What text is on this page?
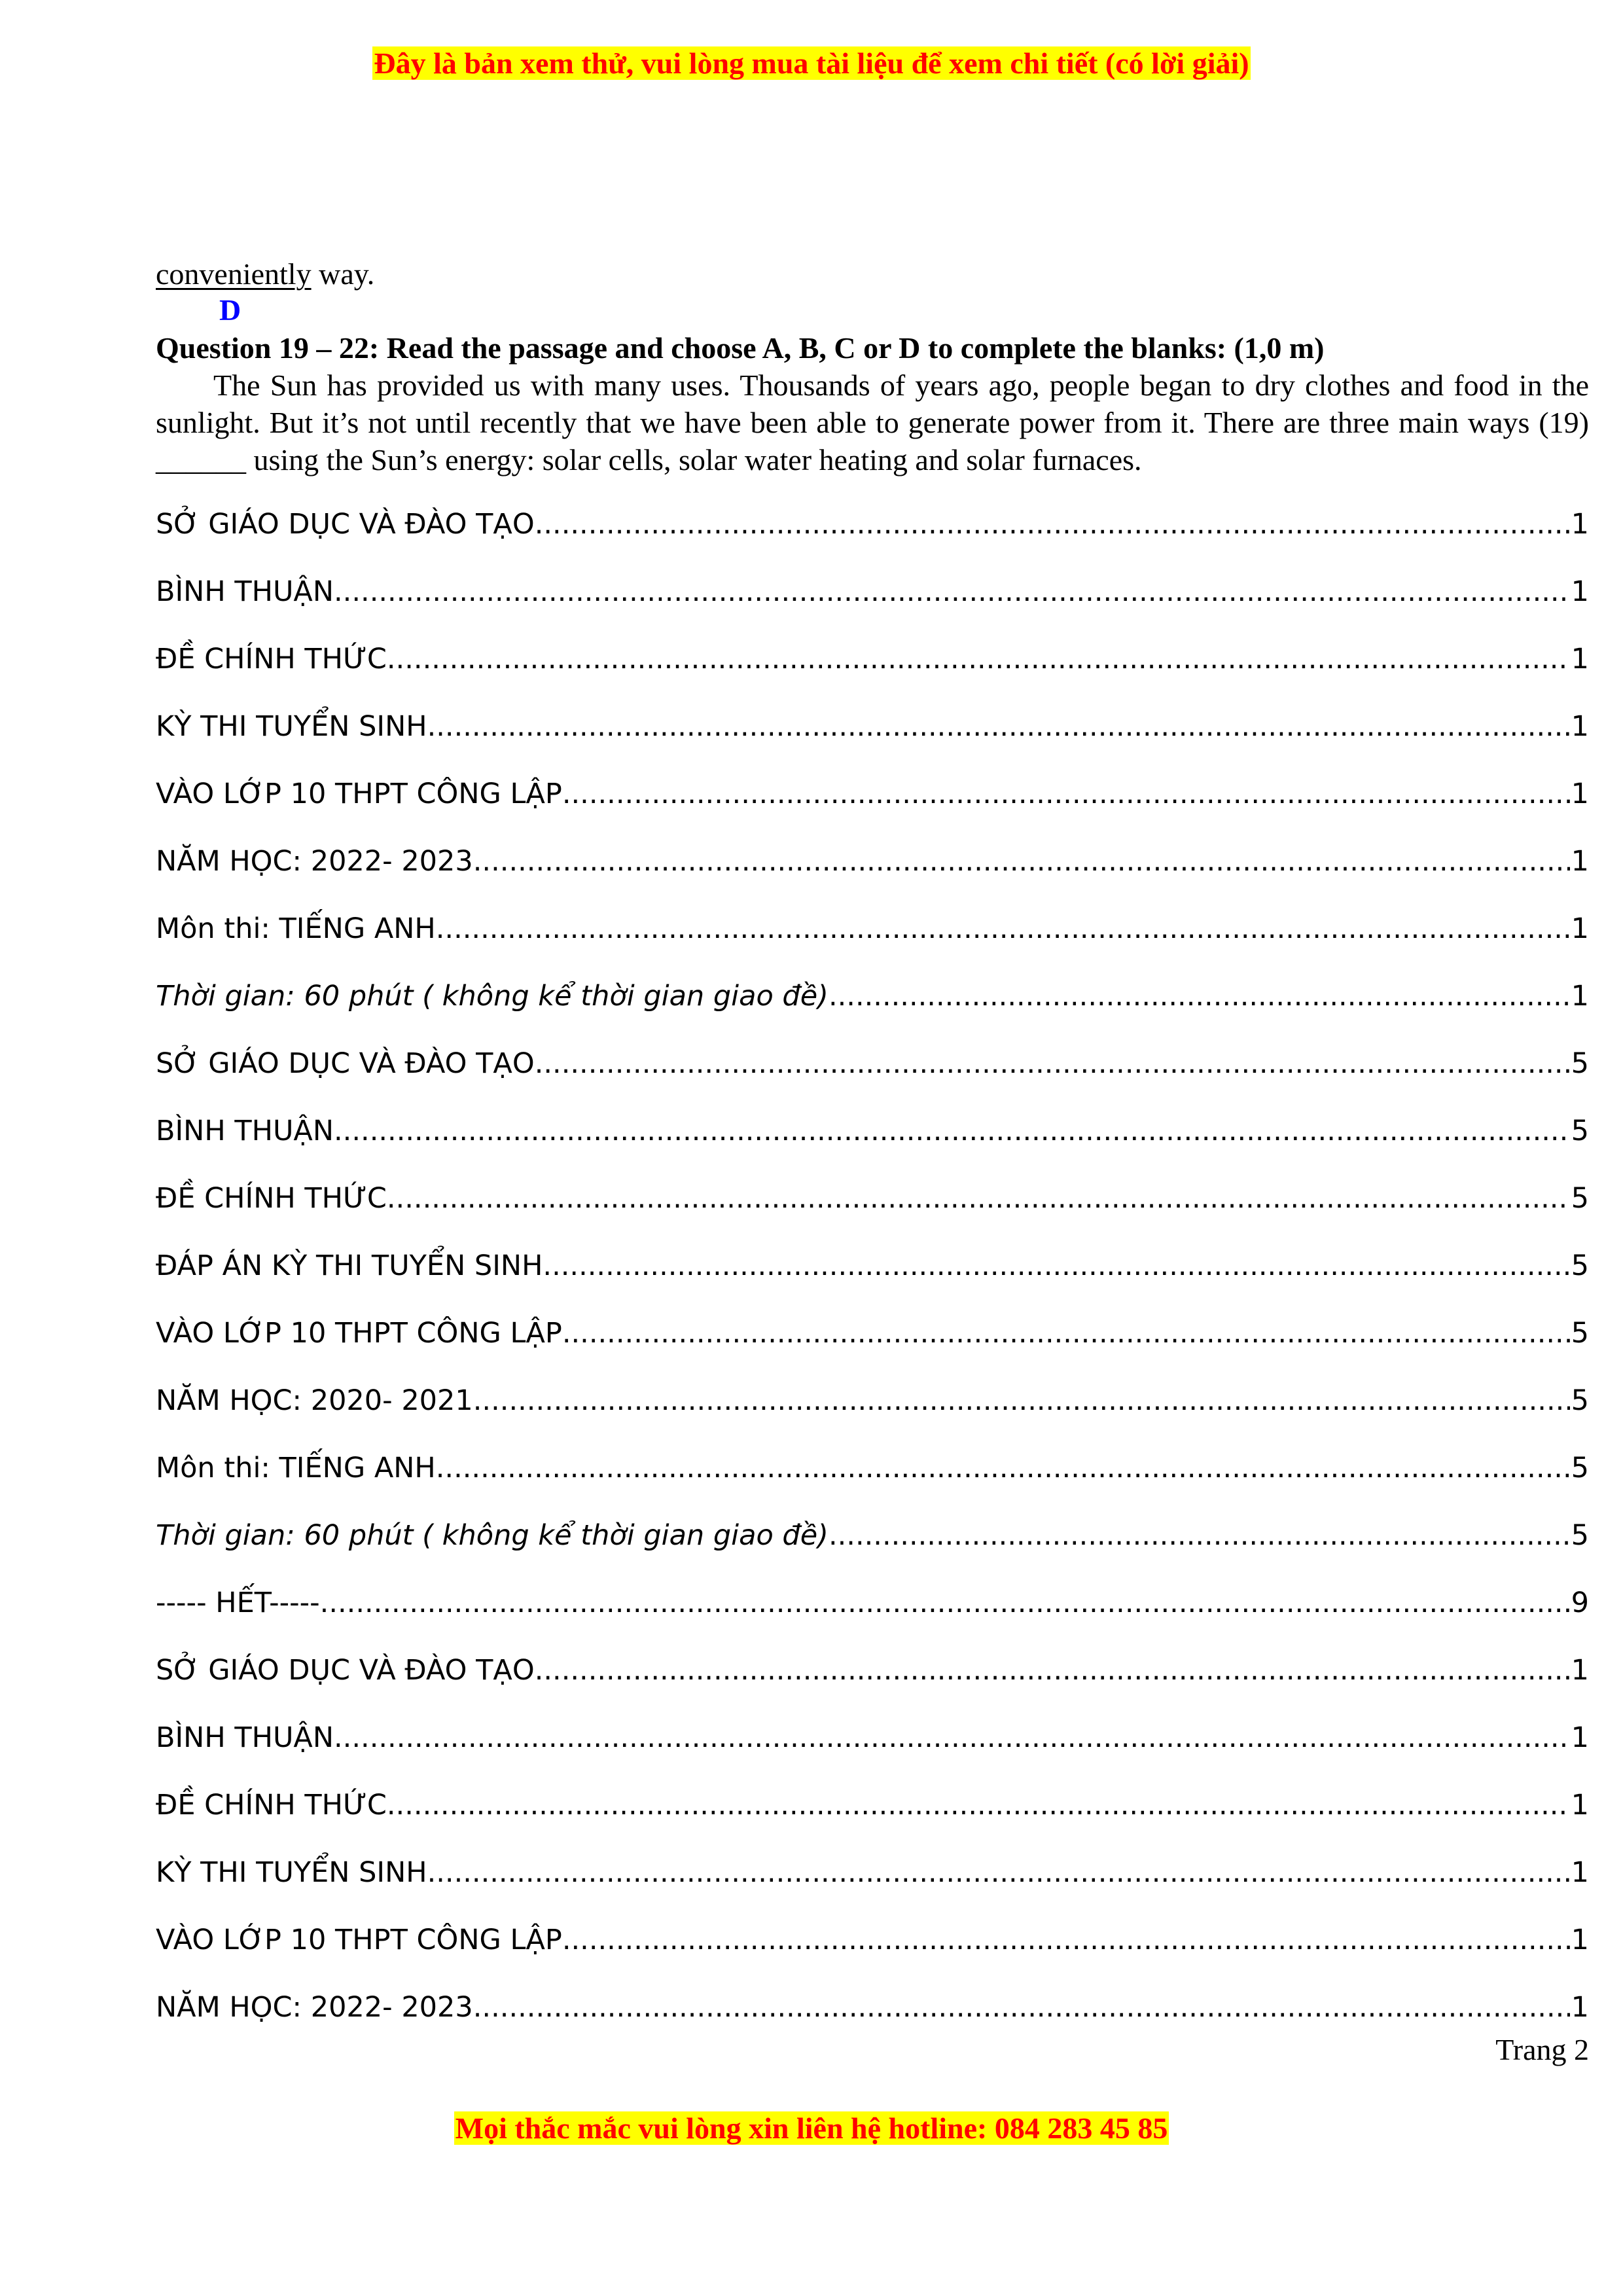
Đây là bản xem thử, vui lòng mua tài liệu để xem chi tiết (có lời giải)
conveniently way.
D
Question 19 – 22: Read the passage and choose A, B, C or D to complete the blanks: (1,0 m)
The Sun has provided us with many uses. Thousands of years ago, people began to dry clothes and food in the sunlight. But it’s not until recently that we have been able to generate power from it. There are three main ways (19) ______ using the Sun’s energy: solar cells, solar water heating and solar furnaces.
SỞ GIÁO DỤC VÀ ĐÀO TẠO .....	1
BÌNH THUẬN .....	1
ĐỀ CHÍNH THỨC .....	1
KỲ THI TUYỂN SINH .....	1
VÀO LỚP 10 THPT CÔNG LẬP .....	1
NĂM HỌC: 2022- 2023 .....	1
Môn thi: TIẾNG ANH .....	1
Thời gian: 60 phút ( không kể thời gian giao đề) .....	1
SỞ GIÁO DỤC VÀ ĐÀO TẠO .....	5
BÌNH THUẬN .....	5
ĐỀ CHÍNH THỨC .....	5
ĐÁP ÁN KỲ THI TUYỂN SINH .....	5
VÀO LỚP 10 THPT CÔNG LẬP .....	5
NĂM HỌC: 2020- 2021 .....	5
Môn thi: TIẾNG ANH .....	5
Thời gian: 60 phút ( không kể thời gian giao đề) .....	5
----- HẾT----- .....	9
SỞ GIÁO DỤC VÀ ĐÀO TẠO .....	1
BÌNH THUẬN .....	1
ĐỀ CHÍNH THỨC .....	1
KỲ THI TUYỂN SINH .....	1
VÀO LỚP 10 THPT CÔNG LẬP .....	1
NĂM HỌC: 2022- 2023 .....	1
Trang 2
Mọi thắc mắc vui lòng xin liên hệ hotline: 084 283 45 85
